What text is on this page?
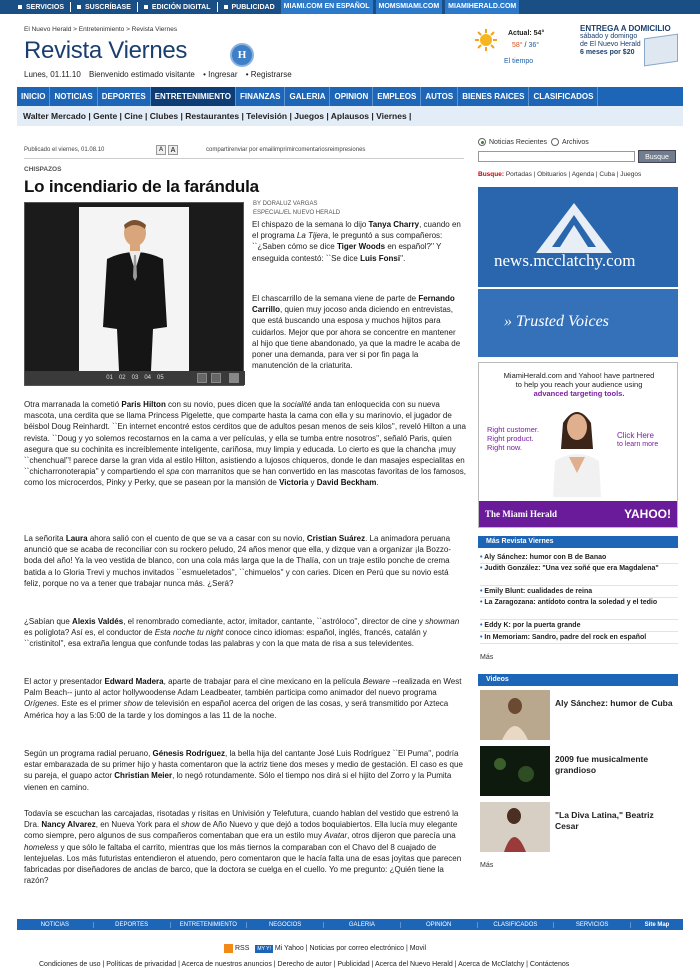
SERVICIOS	SUSCRÍBASE	EDICIÓN DIGITAL	PUBLICIDAD	MIAMI.COM EN ESPAÑOL	MOMSMIAMI.COM	MIAMIHERALD.COM
El Nuevo Herald > Entretenimiento > Revista Viernes
Revista Viernes	H
Lunes, 01.11.10 Bienvenido estimado visitante • Ingresar • Registrarse
Actual: 54°
58° / 36°
El tiempo
ENTREGA A DOMICILIO
sábado y domingo
de El Nuevo Herald
6 meses por $20
INICIO	NOTICIAS	DEPORTES	ENTRETENIMIENTO	FINANZAS	GALERIA	OPINION	EMPLEOS	AUTOS	BIENES RAICES	CLASIFICADOS
Walter Mercado | Gente | Cine | Clubes | Restaurantes | Televisión | Juegos | Aplausos | Viernes |
Publicado el viernes, 01.08.10	A	A	compartir enviar por email imprimir comentarios reimpresiones
CHISPAZOS
Lo incendiario de la farándula
01 02 03 04 05
BY DORALUZ VARGAS
ESPECIAL/EL NUEVO HERALD

El chispazo de la semana lo dijo Tanya Charry, cuando en el programa La Tijera, le preguntó a sus compañeros: ``¿Saben cómo se dice Tiger Woods en español?'' Y enseguida contestó: ``Se dice Luis Fonsi''.

El chascarrillo de la semana viene de parte de Fernando Carrillo, quien muy jocoso anda diciendo en entrevistas, que está buscando una esposa y muchos hijitos para cuidarlos. Mejor que por ahora se concentre en mantener al hijo que tiene abandonado, ya que la madre le acaba de poner una demanda, para ver si por fin paga la manutención de la criaturita.

Otra marranada la cometió Paris Hilton con su novio, pues dicen que la socialité anda tan enloquecida con su nueva mascota, una cerdita que se llama Princess Pigelette, que comparte hasta la cama con ella y su marinovio, el jugador de béisbol Doug Reinhardt. ``En internet encontré estos cerditos que de adultos pesan menos de seis kilos'', reveló Hilton a una revista. ``Doug y yo solemos recostarnos en la cama a ver películas, y ella se tumba entre nosotros'', señaló Paris, quien asegura que su cochinita es increíblemente inteligente, cariñosa, muy limpia y educada. Lo cierto es que la chancha ¡muy ``chenchual''! parece darse la gran vida al estilo Hilton, asistiendo a lujosos chiqueros, donde le dan masajes especialitas en ``chicharronoterapia'' y compartiendo el spa con marranitos que se han convertido en las mascotas favoritas de los famosos, como los microcerdos, Pinky y Perky, que se pasean por la mansión de Victoria y David Beckham.

La señorita Laura ahora salió con el cuento de que se va a casar con su novio, Cristian Suárez. La animadora peruana anunció que se acaba de reconciliar con su rockero peludo, 24 años menor que ella, y dizque van a organizar ¡la Bozzo-boda del año! Ya la veo vestida de blanco, con una cola más larga que la de Thalía, con un traje estilo ponche de crema batida a lo Gloria Trevi y muchos invitados ``esmueletados'', ``chimuelos'' y con caries. Dicen en Perú que su novio está feliz, porque no va a tener que trabajar nunca más. ¿Será?

¿Sabían que Alexis Valdés, el renombrado comediante, actor, imitador, cantante, ``astróloco'', director de cine y showman es políglota? Así es, el conductor de Esta noche tu night conoce cinco idiomas: español, inglés, francés, catalán y ``cristinitol'', esa extraña lengua que confunde todas las palabras y con la que mata de risa a sus televidentes.

El actor y presentador Edward Madera, aparte de trabajar para el cine mexicano en la película Beware --realizada en West Palm Beach-- junto al actor hollywoodense Adam Leadbeater, también participa como animador del nuevo programa Orígenes. Este es el primer show de televisión en español acerca del origen de las cosas, y será transmitido por Azteca América hoy a las 5:00 de la tarde y los domingos a las 11 de la noche.

Según un programa radial peruano, Génesis Rodríguez, la bella hija del cantante José Luis Rodríguez ``El Puma'', podría estar embarazada de su primer hijo y hasta comentaron que la actriz tiene dos meses y medio de gestación. El caso es que su pareja, el guapo actor Christian Meier, lo negó rotundamente. Sólo el tiempo nos dirá si el hijito del Zorro y la Pumita vienen en camino.

Todavía se escuchan las carcajadas, risotadas y risitas en Univisión y Telefutura, cuando hablan del vestido que estrenó la Dra. Nancy Alvarez, en Nueva York para el show de Año Nuevo y que dejó a todos boquiabiertos. Ella lucía muy elegante como siempre, pero algunos de sus compañeros comentaban que era un estilo muy Avatar, otros dijeron que parecía una homeless y que sólo le faltaba el carrito, mientras que los más tiernos la comparaban con el Chavo del 8 cuajado de lentejuelas. Los más futuristas entendieron el atuendo, pero comentaron que le hacía falta una de esas joyitas que parecen fabricadas por diseñadores de anclas de barco, que la doctora se cuelga en el cuello. Yo me pregunto: ¿Quién tiene la razón?

Noticias Recientes Archivos
Busque
Busque: Portadas | Obituarios | Agenda | Cuba | Juegos
news.mcclatchy.com
» Trusted Voices
MiamiHerald.com and Yahoo! have partnered
to help you reach your audience using
advanced targeting tools.
Right customer.
Right product.
Right now.
Click Here
to learn more
The Miami Herald	YAHOO!
Más Revista Viernes
• Aly Sánchez: humor con B de Banao
• Judith González: "Una vez soñé que era Magdalena"
• Emily Blunt: cualidades de reina
• La Zaragozana: antídoto contra la soledad y el tedio
• Eddy K: por la puerta grande
• In Memoriam: Sandro, padre del rock en español
Más
Videos
Aly Sánchez: humor de Cuba
2009 fue musicalmente grandioso
"La Diva Latina," Beatriz Cesar
Más
NOTICIAS	DEPORTES	ENTRETENIMIENTO	NEGOCIOS	GALERIA	OPINION	CLASIFICADOS	SERVICIOS	Site Map
RSS	MY Y! Mi Yahoo | Noticias por correo electrónico | Movil
Condiciones de uso | Políticas de privacidad | Acerca de nuestros anuncios | Derecho de autor | Publicidad | Acerca del Nuevo Herald | Acerca de McClatchy | Contáctenos
